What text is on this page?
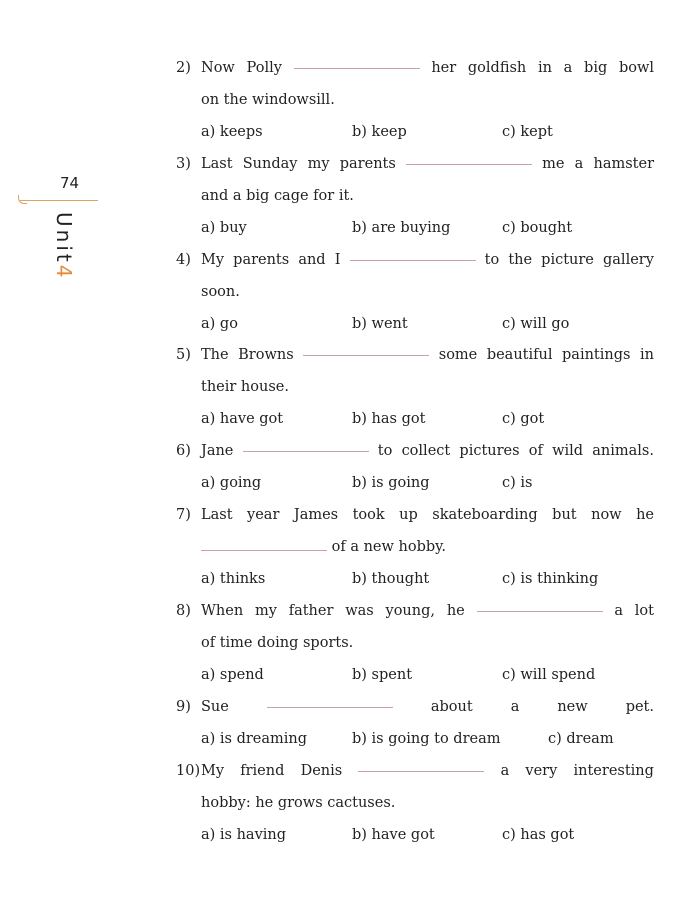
74
Unit4
2) Now Polly	her goldfish in a big bowl
on the windowsill.
a) keeps	b) keep	c) kept
3) Last Sunday my parents	me a hamster
and a big cage for it.
a) buy	b) are buying	c) bought
4) My parents and I	to the picture gallery
soon.
a) go	b) went	c) will go
5) The Browns	some beautiful paintings in
their house.
a) have got	b) has got	c) got
6) Jane	to collect pictures of wild animals.
a) going	b) is going	c) is
7) Last year James took up skateboarding but now he
of a new hobby.
a) thinks	b) thought	c) is thinking
8) When my father was young, he	a lot
of time doing sports.
a) spend	b) spent	c) will spend
9) Sue	about	a	new	pet.
a) is dreaming	b) is going to dream	c) dream
10)My friend Denis	a very interesting
hobby: he grows cactuses.
a) is having	b) have got	c) has got
